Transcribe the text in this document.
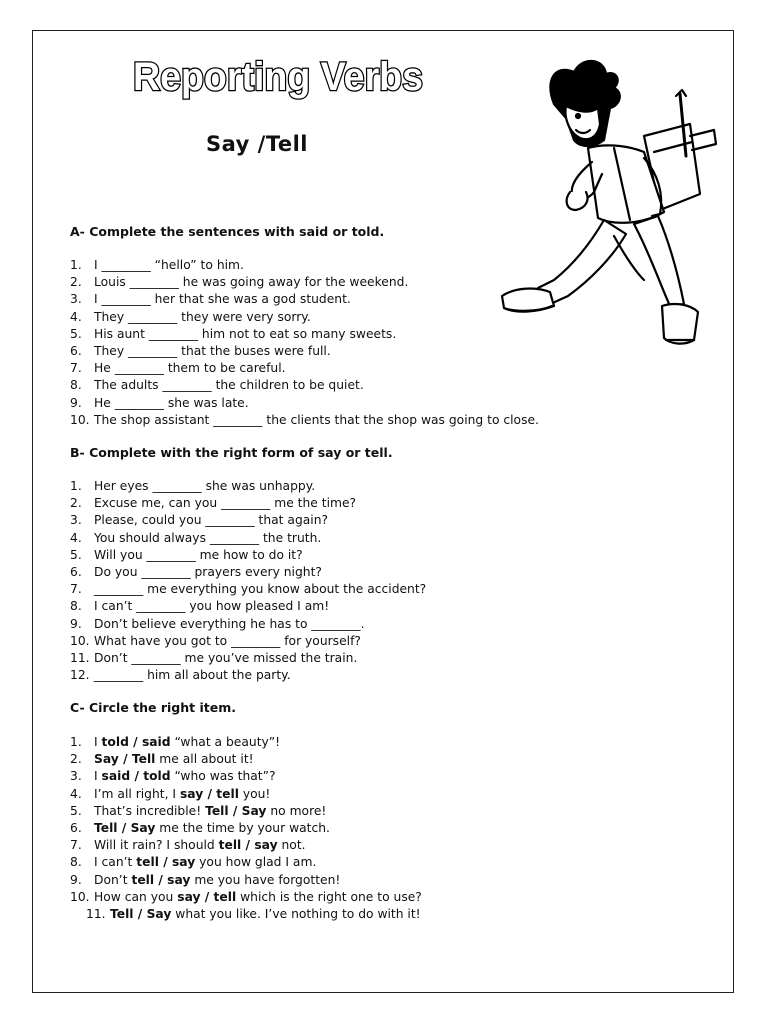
Reporting Verbs
Say /Tell
A- Complete the sentences with said or told.
1. I ________ “hello” to him.
2. Louis ________ he was going away for the weekend.
3. I ________ her that she was a god student.
4. They ________ they were very sorry.
5. His aunt ________ him not to eat so many sweets.
6. They ________ that the buses were full.
7. He ________ them to be careful.
8. The adults ________ the children to be quiet.
9. He ________ she was late.
10. The shop assistant ________ the clients that the shop was going to close.
B- Complete with the right form of say or tell.
1. Her eyes ________ she was unhappy.
2. Excuse me, can you ________ me the time?
3. Please, could you ________ that again?
4. You should always ________ the truth.
5. Will you ________ me how to do it?
6. Do you ________ prayers every night?
7. ________ me everything you know about the accident?
8. I can’t ________ you how pleased I am!
9. Don’t believe everything he has to ________.
10. What have you got to ________ for yourself?
11. Don’t ________ me you’ve missed the train.
12. ________ him all about the party.
C- Circle the right item.
1. I told / said “what a beauty”!
2. Say / Tell me all about it!
3. I said / told “who was that”?
4. I’m all right, I say / tell you!
5. That’s incredible! Tell / Say no more!
6. Tell / Say me the time by your watch.
7. Will it rain? I should tell / say not.
8. I can’t tell / say you how glad I am.
9. Don’t tell / say me you have forgotten!
10. How can you say / tell which is the right one to use?
11. Tell / Say what you like. I’ve nothing to do with it!
